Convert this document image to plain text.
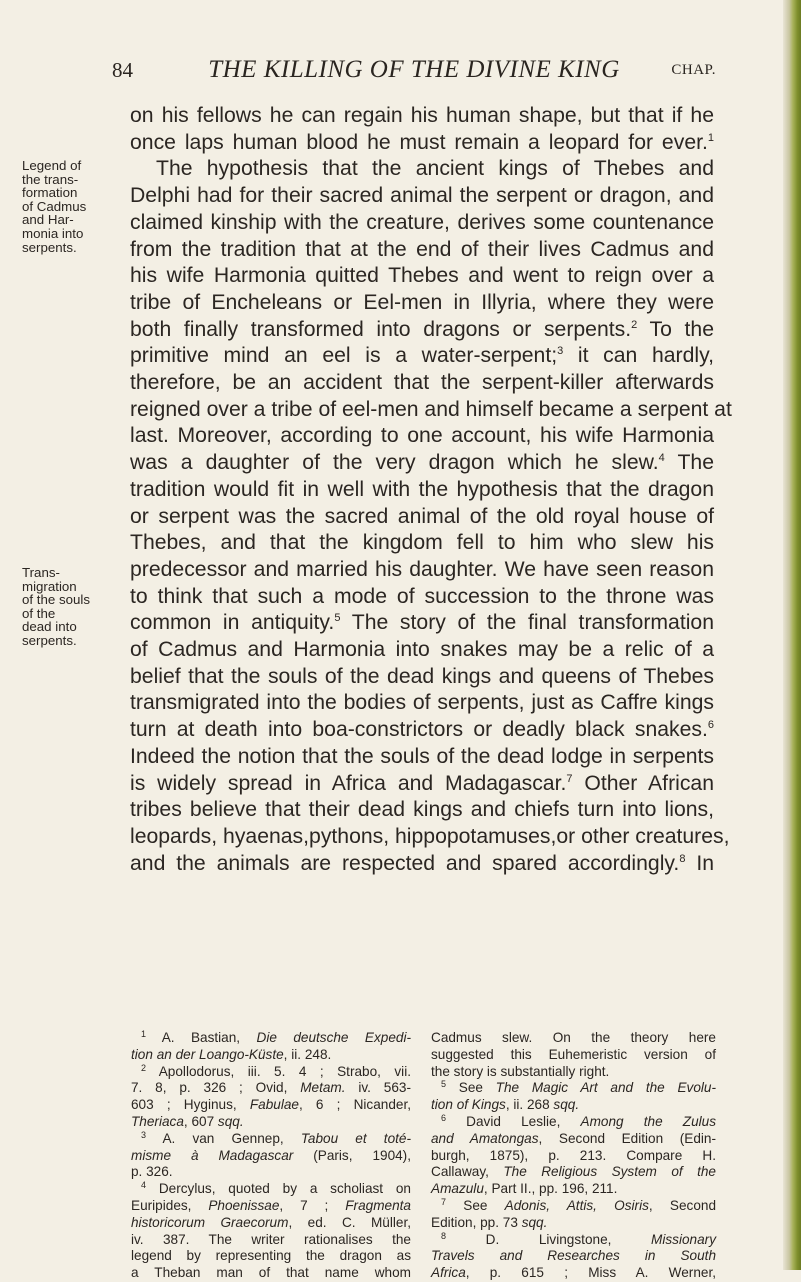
84	THE KILLING OF THE DIVINE KING	CHAP.
Legend of
the trans-
formation
of Cadmus
and Har-
monia into
serpents.
Trans-
migration
of the souls
of the
dead into
serpents.
on his fellows he can regain his human shape, but that if he
once laps human blood he must remain a leopard for ever.$^1$
The hypothesis that the ancient kings of Thebes and
Delphi had for their sacred animal the serpent or dragon, and
claimed kinship with the creature, derives some countenance
from the tradition that at the end of their lives Cadmus and
his wife Harmonia quitted Thebes and went to reign over a
tribe of Encheleans or Eel-men in Illyria, where they were
both finally transformed into dragons or serpents.$^2$ To the
primitive mind an eel is a water-serpent;$^3$ it can hardly,
therefore, be an accident that the serpent-killer afterwards
reigned over a tribe of eel-men and himself became a serpent at
last. Moreover, according to one account, his wife Harmonia
was a daughter of the very dragon which he slew.$^4$ The
tradition would fit in well with the hypothesis that the dragon
or serpent was the sacred animal of the old royal house of
Thebes, and that the kingdom fell to him who slew his
predecessor and married his daughter. We have seen reason
to think that such a mode of succession to the throne was
common in antiquity.$^5$ The story of the final transformation
of Cadmus and Harmonia into snakes may be a relic of a
belief that the souls of the dead kings and queens of Thebes
transmigrated into the bodies of serpents, just as Caffre kings
turn at death into boa-constrictors or deadly black snakes.$^6$
Indeed the notion that the souls of the dead lodge in serpents
is widely spread in Africa and Madagascar.$^7$ Other African
tribes believe that their dead kings and chiefs turn into lions,
leopards, hyaenas,pythons, hippopotamuses,or other creatures,
and the animals are respected and spared accordingly.$^8$ In
$^1$ A. Bastian, Die deutsche Expedi-
tion an der Loango-Küste, ii. 248.
$^2$ Apollodorus, iii. 5. 4 ; Strabo, vii.
7. 8, p. 326 ; Ovid, Metam. iv. 563-
603 ; Hyginus, Fabulae, 6 ; Nicander,
Theriaca, 607 sqq.
$^3$ A. van Gennep, Tabou et toté-
misme à Madagascar (Paris, 1904),
p. 326.
$^4$ Dercylus, quoted by a scholiast on
Euripides, Phoenissae, 7 ; Fragmenta
historicorum Graecorum, ed. C. Müller,
iv. 387. The writer rationalises the
legend by representing the dragon as
a Theban man of that name whom
Cadmus slew. On the theory here
suggested this Euhemeristic version of
the story is substantially right.
$^5$ See The Magic Art and the Evolu-
tion of Kings, ii. 268 sqq.
$^6$ David Leslie, Among the Zulus
and Amatongas, Second Edition (Edin-
burgh, 1875), p. 213. Compare H.
Callaway, The Religious System of the
Amazulu, Part II., pp. 196, 211.
$^7$ See Adonis, Attis, Osiris, Second
Edition, pp. 73 sqq.
$^8$	D. Livingstone, Missionary
Travels and Researches in South
Africa, p. 615 ; Miss A. Werner,
